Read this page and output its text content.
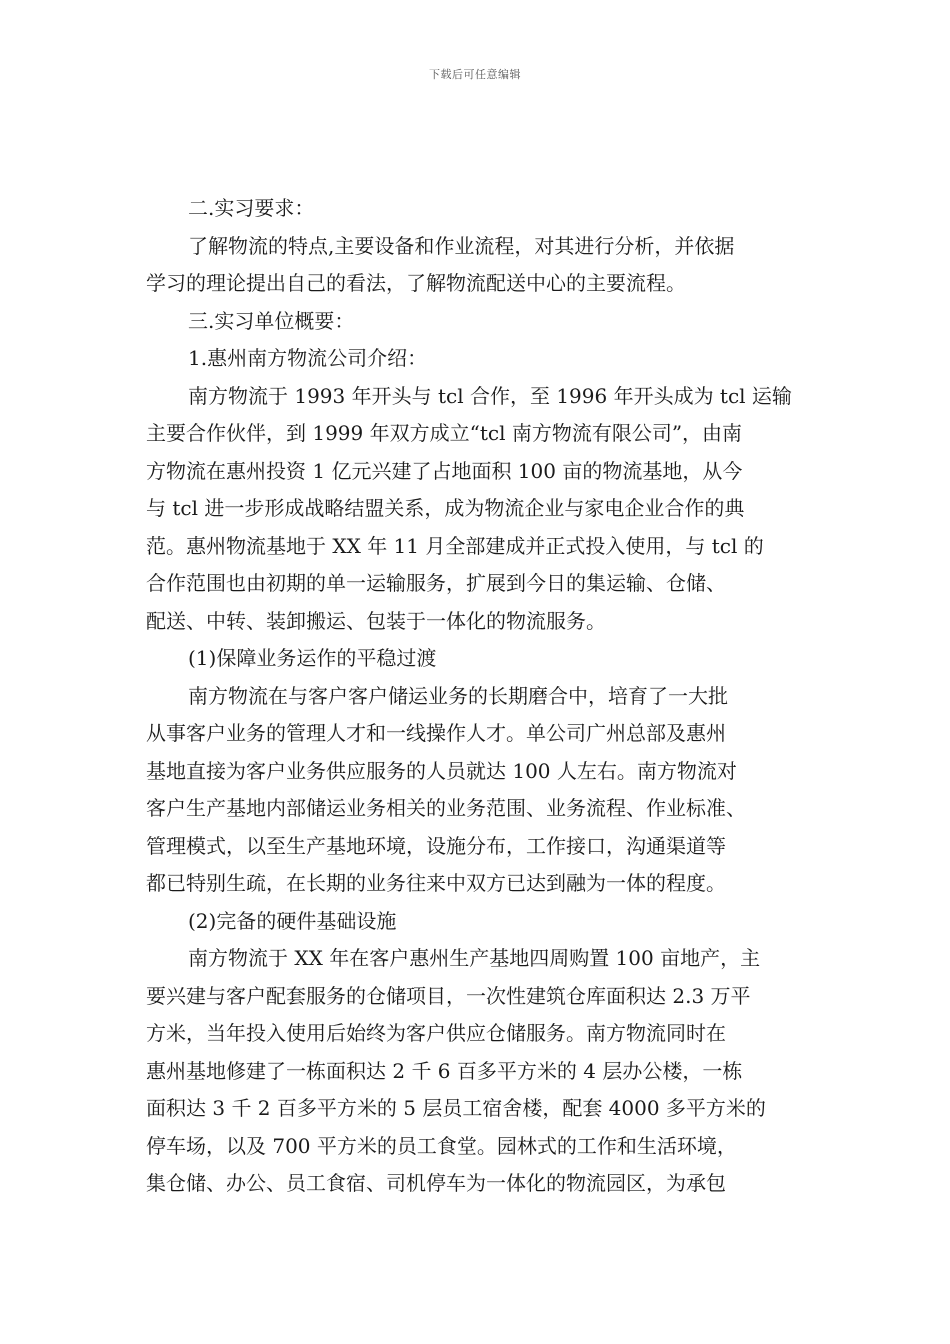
下载后可任意编辑
二.实习要求：
了解物流的特点,主要设备和作业流程，对其进行分析，并依据
学习的理论提出自己的看法，了解物流配送中心的主要流程。
三.实习单位概要：
1.惠州南方物流公司介绍：
南方物流于 1993 年开头与 tcl 合作，至 1996 年开头成为 tcl 运输
主要合作伙伴，到 1999 年双方成立“tcl 南方物流有限公司”，由南
方物流在惠州投资 1 亿元兴建了占地面积 100 亩的物流基地，从今
与 tcl 进一步形成战略结盟关系，成为物流企业与家电企业合作的典
范。惠州物流基地于 XX 年 11 月全部建成并正式投入使用，与 tcl 的
合作范围也由初期的单一运输服务，扩展到今日的集运输、仓储、
配送、中转、装卸搬运、包装于一体化的物流服务。
(1)保障业务运作的平稳过渡
南方物流在与客户客户储运业务的长期磨合中，培育了一大批
从事客户业务的管理人才和一线操作人才。单公司广州总部及惠州
基地直接为客户业务供应服务的人员就达 100 人左右。南方物流对
客户生产基地内部储运业务相关的业务范围、业务流程、作业标准、
管理模式，以至生产基地环境，设施分布，工作接口，沟通渠道等
都已特别生疏，在长期的业务往来中双方已达到融为一体的程度。
(2)完备的硬件基础设施
南方物流于 XX 年在客户惠州生产基地四周购置 100 亩地产，主
要兴建与客户配套服务的仓储项目，一次性建筑仓库面积达 2.3 万平
方米，当年投入使用后始终为客户供应仓储服务。南方物流同时在
惠州基地修建了一栋面积达 2 千 6 百多平方米的 4 层办公楼，一栋
面积达 3 千 2 百多平方米的 5 层员工宿舍楼，配套 4000 多平方米的
停车场，以及 700 平方米的员工食堂。园林式的工作和生活环境，
集仓储、办公、员工食宿、司机停车为一体化的物流园区，为承包
